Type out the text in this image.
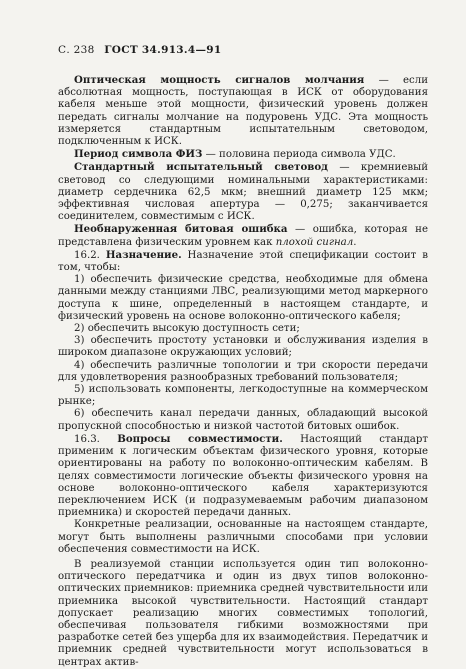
С. 238 ГОСТ 34.913.4—91

Оптическая мощность сигналов молчания — если абсолютная мощность, поступающая в ИСК от оборудования кабеля меньше этой мощности, физический уровень должен передать сигналы молчание на подуровень УДС. Эта мощность измеряется стандартным испытательным световодом, подключенным к ИСК.

Период символа ФИЗ — половина периода символа УДС.

Стандартный испытательный световод — кремниевый световод со следующими номинальными характеристиками: диаметр сердечника 62,5 мкм; внешний диаметр 125 мкм; эффективная числовая апертура — 0,275; заканчивается соединителем, совместимым с ИСК.

Необнаруженная битовая ошибка — ошибка, которая не представлена физическим уровнем как плохой сигнал.

16.2. Назначение. Назначение этой спецификации состоит в том, чтобы:

1) обеспечить физические средства, необходимые для обмена данными между станциями ЛВС, реализующими метод маркерного доступа к шине, определенный в настоящем стандарте, и физический уровень на основе волоконно-оптического кабеля;

2) обеспечить высокую доступность сети;

3) обеспечить простоту установки и обслуживания изделия в широком диапазоне окружающих условий;

4) обеспечить различные топологии и три скорости передачи для удовлетворения разнообразных требований пользователя;

5) использовать компоненты, легкодоступные на коммерческом рынке;

6) обеспечить канал передачи данных, обладающий высокой пропускной способностью и низкой частотой битовых ошибок.

16.3. Вопросы совместимости. Настоящий стандарт применим к логическим объектам физического уровня, которые ориентированы на работу по волоконно-оптическим кабелям. В целях совместимости логические объекты физического уровня на основе волоконно-оптического кабеля характеризуются переключением ИСК (и подразумеваемым рабочим диапазоном приемника) и скоростей передачи данных.

Конкретные реализации, основанные на настоящем стандарте, могут быть выполнены различными способами при условии обеспечения совместимости на ИСК.

В реализуемой станции используется один тип волоконно-оптического передатчика и один из двух типов волоконно-оптических приемников: приемника средней чувствительности или приемника высокой чувствительности. Настоящий стандарт допускает реализацию многих совместимых топологий, обеспечивая пользователя гибкими возможностями при разработке сетей без ущерба для их взаимодействия. Передатчик и приемник средней чувствительности могут использоваться в центрах актив-
